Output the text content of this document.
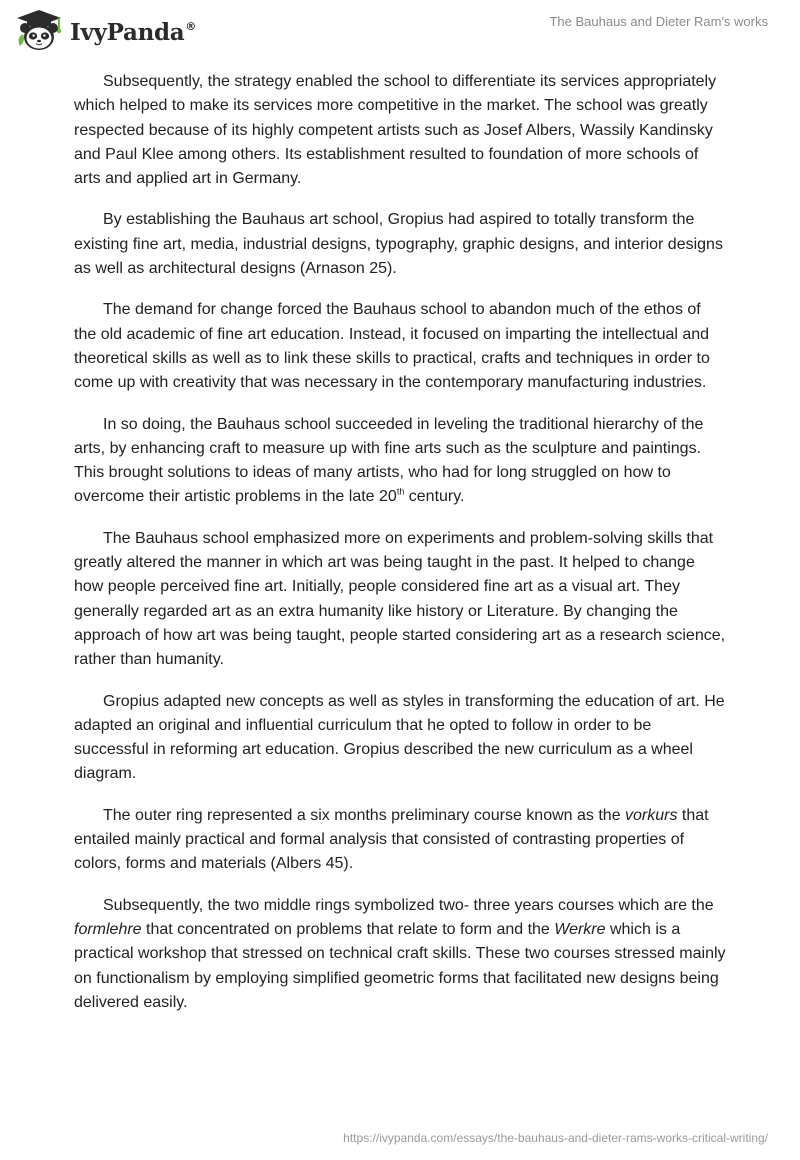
IvyPanda®	The Bauhaus and Dieter Ram's works

Subsequently, the strategy enabled the school to differentiate its services appropriately which helped to make its services more competitive in the market. The school was greatly respected because of its highly competent artists such as Josef Albers, Wassily Kandinsky and Paul Klee among others. Its establishment resulted to foundation of more schools of arts and applied art in Germany.

By establishing the Bauhaus art school, Gropius had aspired to totally transform the existing fine art, media, industrial designs, typography, graphic designs, and interior designs as well as architectural designs (Arnason 25).

The demand for change forced the Bauhaus school to abandon much of the ethos of the old academic of fine art education. Instead, it focused on imparting the intellectual and theoretical skills as well as to link these skills to practical, crafts and techniques in order to come up with creativity that was necessary in the contemporary manufacturing industries.

In so doing, the Bauhaus school succeeded in leveling the traditional hierarchy of the arts, by enhancing craft to measure up with fine arts such as the sculpture and paintings. This brought solutions to ideas of many artists, who had for long struggled on how to overcome their artistic problems in the late 20th century.

The Bauhaus school emphasized more on experiments and problem-solving skills that greatly altered the manner in which art was being taught in the past. It helped to change how people perceived fine art. Initially, people considered fine art as a visual art. They generally regarded art as an extra humanity like history or Literature. By changing the approach of how art was being taught, people started considering art as a research science, rather than humanity.

Gropius adapted new concepts as well as styles in transforming the education of art. He adapted an original and influential curriculum that he opted to follow in order to be successful in reforming art education. Gropius described the new curriculum as a wheel diagram.

The outer ring represented a six months preliminary course known as the vorkurs that entailed mainly practical and formal analysis that consisted of contrasting properties of colors, forms and materials (Albers 45).

Subsequently, the two middle rings symbolized two- three years courses which are the formlehre that concentrated on problems that relate to form and the Werkre which is a practical workshop that stressed on technical craft skills. These two courses stressed mainly on functionalism by employing simplified geometric forms that facilitated new designs being delivered easily.

https://ivypanda.com/essays/the-bauhaus-and-dieter-rams-works-critical-writing/
